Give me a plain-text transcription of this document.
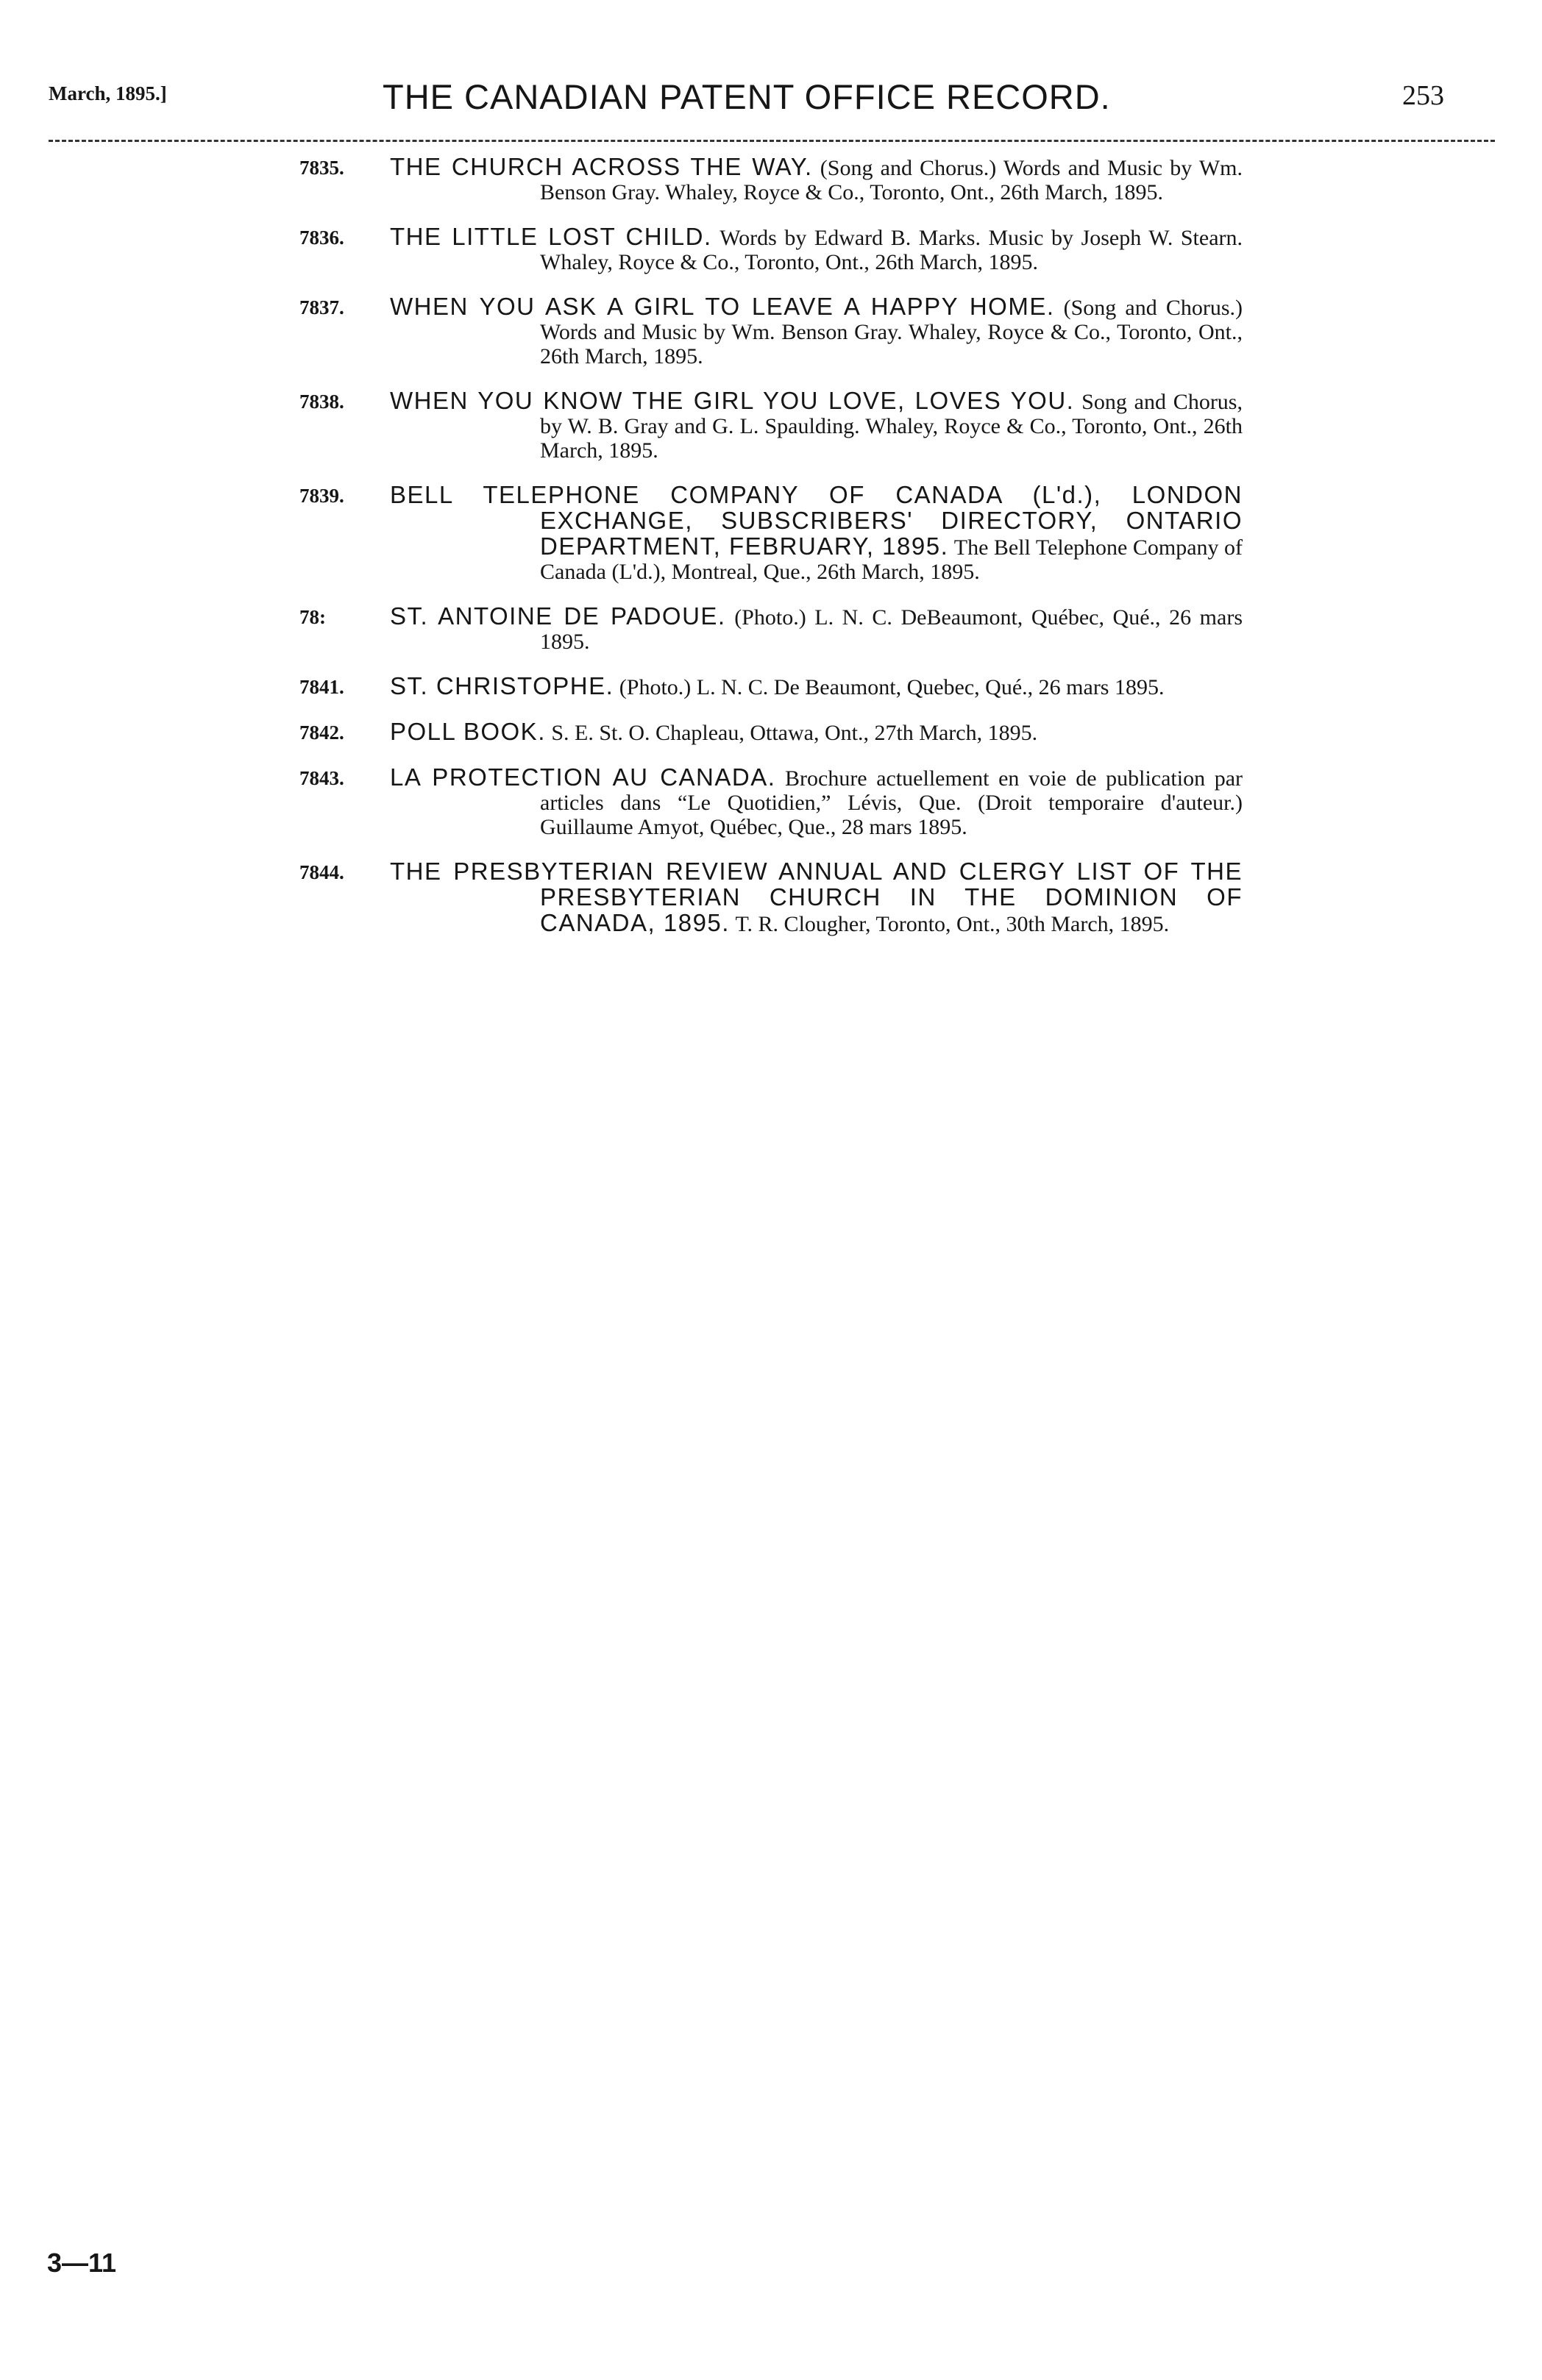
March, 1895.]	THE CANADIAN PATENT OFFICE RECORD.	253
7835.	THE CHURCH ACROSS THE WAY. (Song and Chorus.) Words and Music by Wm. Benson Gray. Whaley, Royce & Co., Toronto, Ont., 26th March, 1895.
7836.	THE LITTLE LOST CHILD. Words by Edward B. Marks. Music by Joseph W. Stearn. Whaley, Royce & Co., Toronto, Ont., 26th March, 1895.
7837.	WHEN YOU ASK A GIRL TO LEAVE A HAPPY HOME. (Song and Chorus.) Words and Music by Wm. Benson Gray. Whaley, Royce & Co., Toronto, Ont., 26th March, 1895.
7838.	WHEN YOU KNOW THE GIRL YOU LOVE, LOVES YOU. Song and Chorus, by W. B. Gray and G. L. Spaulding. Whaley, Royce & Co., Toronto, Ont., 26th March, 1895.
7839.	BELL TELEPHONE COMPANY OF CANADA (L'd.), LONDON EXCHANGE, SUBSCRIBERS' DIRECTORY, ONTARIO DEPARTMENT, FEBRUARY, 1895. The Bell Telephone Company of Canada (L'd.), Montreal, Que., 26th March, 1895.
78:	ST. ANTOINE DE PADOUE. (Photo.) L. N. C. DeBeaumont, Québec, Qué., 26 mars 1895.
7841.	ST. CHRISTOPHE. (Photo.) L. N. C. De Beaumont, Quebec, Qué., 26 mars 1895.
7842.	POLL BOOK. S. E. St. O. Chapleau, Ottawa, Ont., 27th March, 1895.
7843.	LA PROTECTION AU CANADA. Brochure actuellement en voie de publication par articles dans “Le Quotidien,” Lévis, Que. (Droit temporaire d'auteur.) Guillaume Amyot, Québec, Que., 28 mars 1895.
7844.	THE PRESBYTERIAN REVIEW ANNUAL AND CLERGY LIST OF THE PRESBYTERIAN CHURCH IN THE DOMINION OF CANADA, 1895. T. R. Clougher, Toronto, Ont., 30th March, 1895.
3—11
